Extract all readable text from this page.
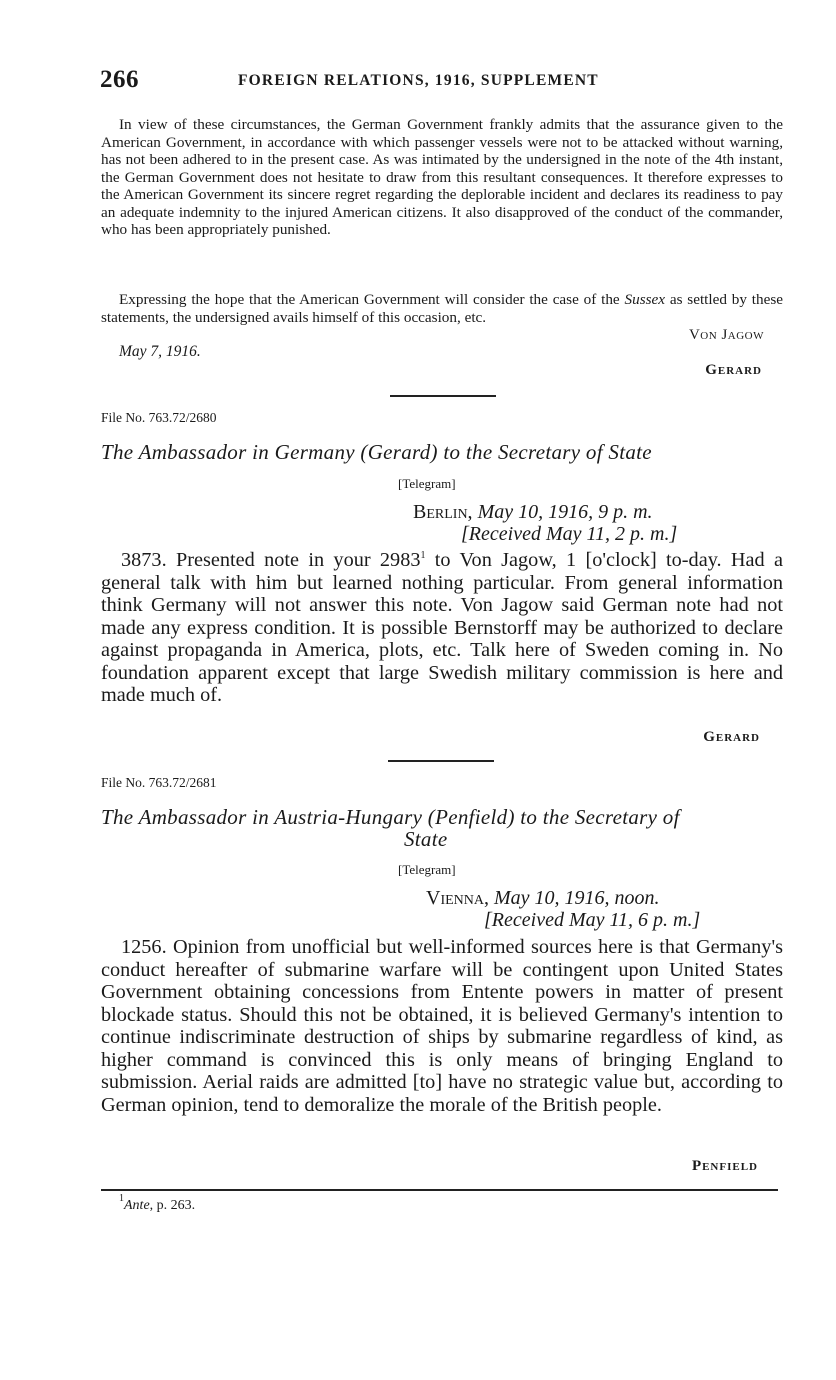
266	FOREIGN RELATIONS, 1916, SUPPLEMENT

In view of these circumstances, the German Government frankly admits that the assurance given to the American Government, in accordance with which passenger vessels were not to be attacked without warning, has not been adhered to in the present case. As was intimated by the undersigned in the note of the 4th instant, the German Government does not hesitate to draw from this resultant consequences. It therefore expresses to the American Government its sincere regret regarding the deplorable incident and declares its readiness to pay an adequate indemnity to the injured American citizens. It also disapproved of the conduct of the commander, who has been appropriately punished.

Expressing the hope that the American Government will consider the case of the Sussex as settled by these statements, the undersigned avails himself of this occasion, etc.

Von Jagow
May 7, 1916.
Gerard
File No. 763.72/2680
The Ambassador in Germany (Gerard) to the Secretary of State
[Telegram]
Berlin, May 10, 1916, 9 p. m.
[Received May 11, 2 p. m.]

3873. Presented note in your 2983$^1$ to Von Jagow, 1 [o'clock] to-day. Had a general talk with him but learned nothing particular. From general information think Germany will not answer this note. Von Jagow said German note had not made any express condition. It is possible Bernstorff may be authorized to declare against propaganda in America, plots, etc. Talk here of Sweden coming in. No foundation apparent except that large Swedish military commission is here and made much of.

Gerard
File No. 763.72/2681
The Ambassador in Austria-Hungary (Penfield) to the Secretary of
State
[Telegram]
Vienna, May 10, 1916, noon.
[Received May 11, 6 p. m.]

1256. Opinion from unofficial but well-informed sources here is that Germany's conduct hereafter of submarine warfare will be contingent upon United States Government obtaining concessions from Entente powers in matter of present blockade status. Should this not be obtained, it is believed Germany's intention to continue indiscriminate destruction of ships by submarine regardless of kind, as higher command is convinced this is only means of bringing England to submission. Aerial raids are admitted [to] have no strategic value but, according to German opinion, tend to demoralize the morale of the British people.

Penfield
$^1$Ante, p. 263.
